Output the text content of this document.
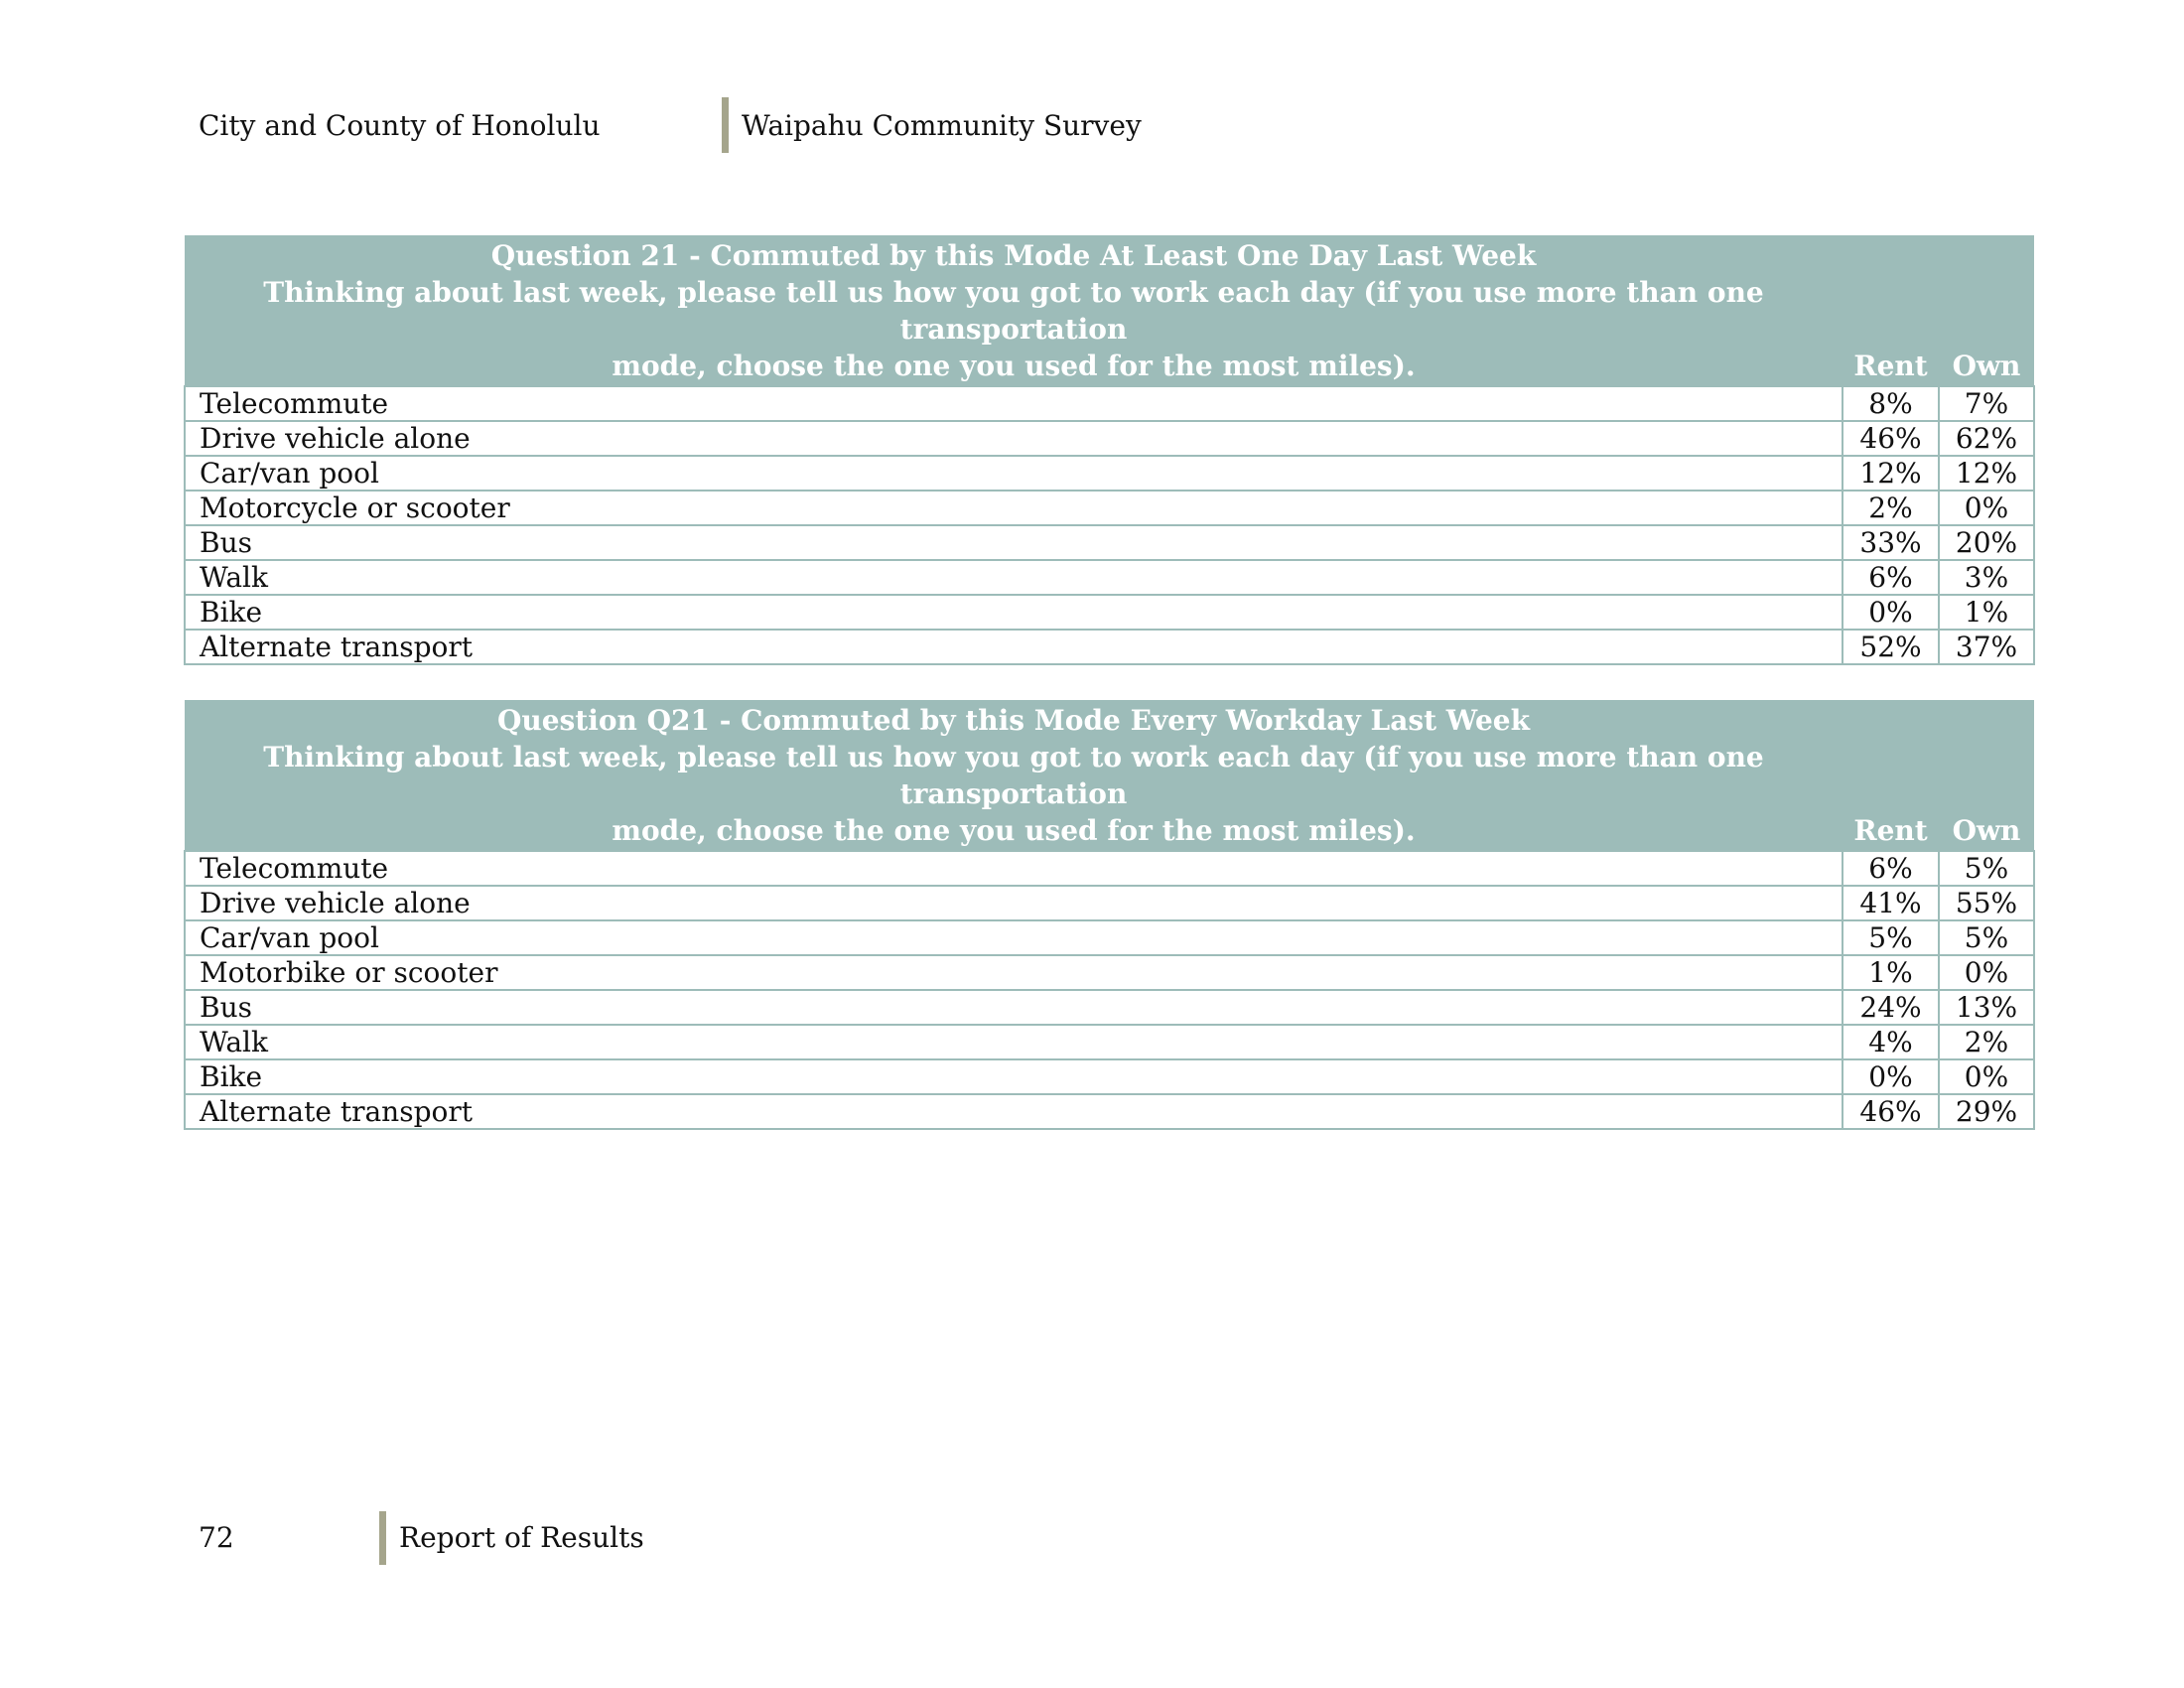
City and County of Honolulu	Waipahu Community Survey
Question 21 - Commuted by this Mode At Least One Day Last Week
Thinking about last week, please tell us how you got to work each day (if you use more than one transportation
mode, choose the one you used for the most miles).	Rent	Own
Telecommute	8%	7%
Drive vehicle alone	46%	62%
Car/van pool	12%	12%
Motorcycle or scooter	2%	0%
Bus	33%	20%
Walk	6%	3%
Bike	0%	1%
Alternate transport	52%	37%
Question Q21 - Commuted by this Mode Every Workday Last Week
Thinking about last week, please tell us how you got to work each day (if you use more than one transportation
mode, choose the one you used for the most miles).	Rent	Own
Telecommute	6%	5%
Drive vehicle alone	41%	55%
Car/van pool	5%	5%
Motorbike or scooter	1%	0%
Bus	24%	13%
Walk	4%	2%
Bike	0%	0%
Alternate transport	46%	29%
72	Report of Results
